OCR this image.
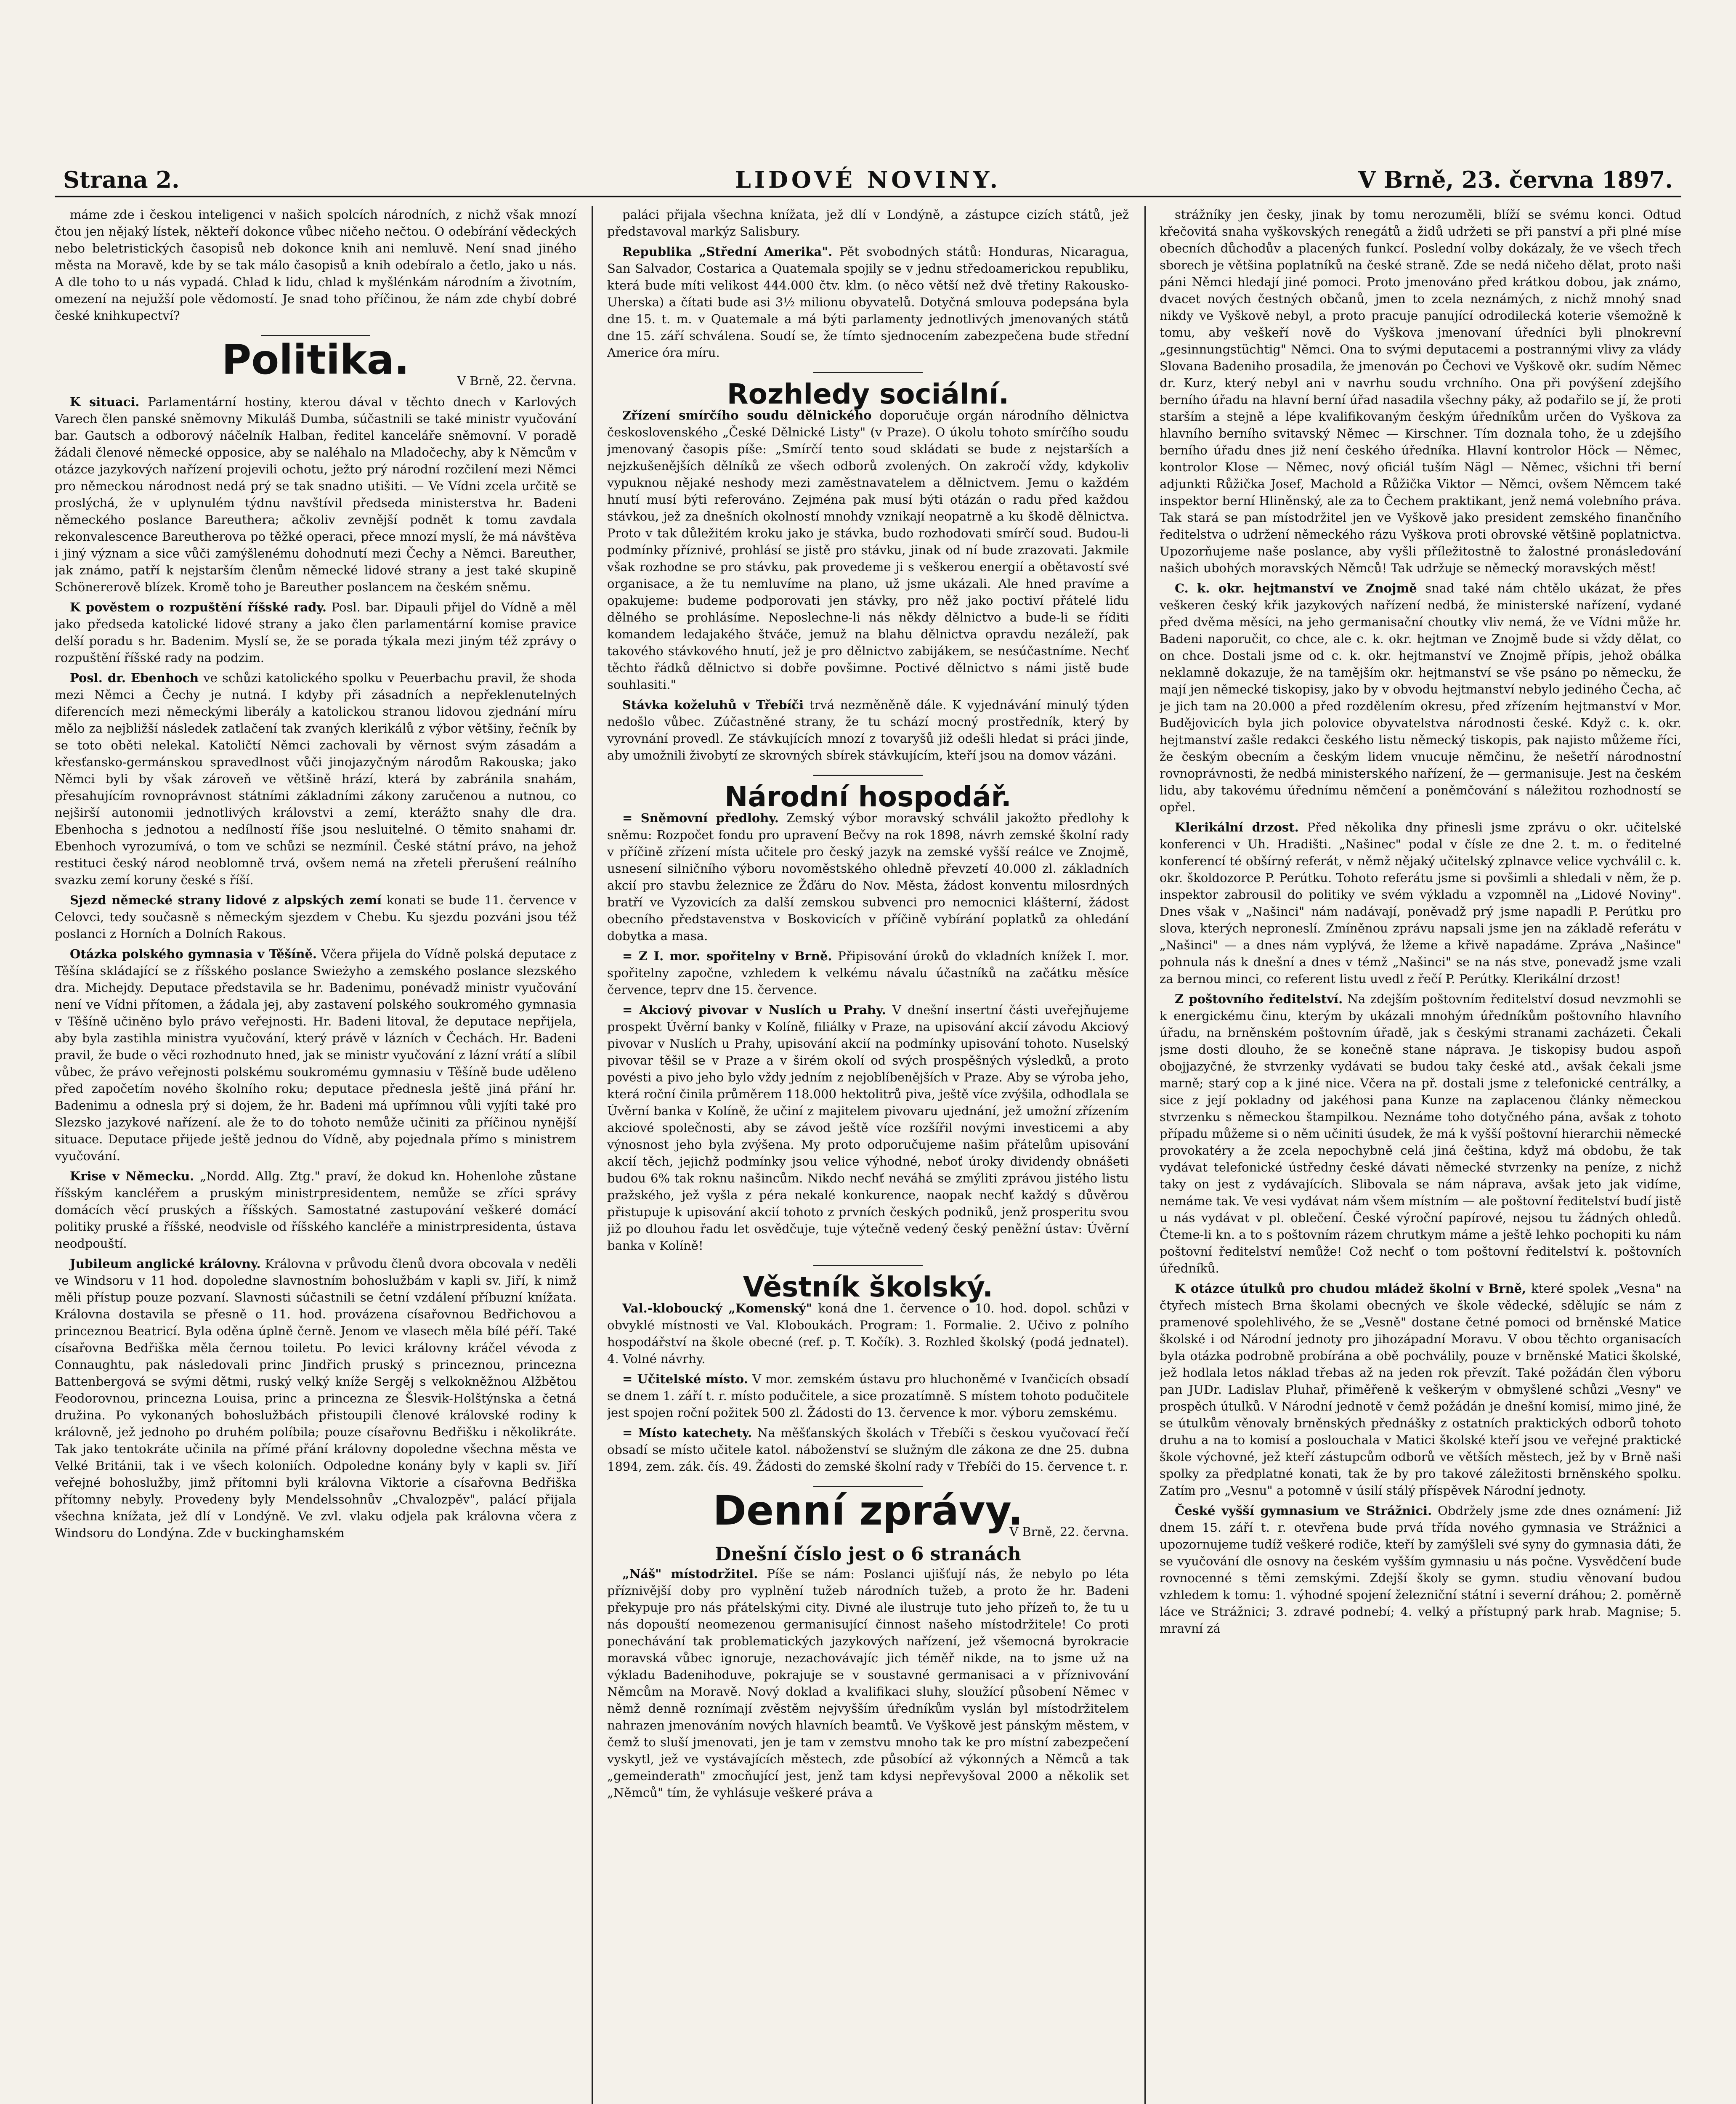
Strana 2.	LIDOVÉ NOVINY.	V Brně, 23. června 1897.

máme zde i českou inteligenci v našich spolcích národních, z nichž však mnozí čtou jen nějaký lístek, někteří dokonce vůbec ničeho nečtou. O odebírání vědeckých nebo beletristických časopisů neb dokonce knih ani nemluvě. Není snad jiného města na Moravě, kde by se tak málo časopisů a knih odebíralo a četlo, jako u nás. A dle toho to u nás vypadá. Chlad k lidu, chlad k myšlénkám národním a životním, omezení na nejužší pole vědomostí. Je snad toho příčinou, že nám zde chybí dobré české knihkupectví?

Politika.	V Brně, 22. června.

K situaci. Parlamentární hostiny, kterou dával v těchto dnech v Karlových Varech člen panské sněmovny Mikuláš Dumba, súčastnili se také ministr vyučování bar. Gautsch a odborový náčelník Halban, ředitel kanceláře sněmovní. V poradě žádali členové německé opposice, aby se naléhalo na Mladočechy, aby k Němcům v otázce jazykových nařízení projevili ochotu, ježto prý národní rozčilení mezi Němci pro německou národnost nedá prý se tak snadno utišiti. — Ve Vídni zcela určitě se proslýchá, že v uplynulém týdnu navštívil předseda ministerstva hr. Badeni německého poslance Bareuthera; ačkoliv zevnější podnět k tomu zavdala rekonvalescence Bareutherova po těžké operaci, přece mnozí myslí, že má návštěva i jiný význam a sice vůči zamýšlenému dohodnutí mezi Čechy a Němci. Bareuther, jak známo, patří k nejstarším členům německé lidové strany a jest také skupině Schönererově blízek. Kromě toho je Bareuther poslancem na českém sněmu.

K pověstem o rozpuštění říšské rady. Posl. bar. Dipauli přijel do Vídně a měl jako předseda katolické lidové strany a jako člen parlamentární komise pravice delší poradu s hr. Badenim. Myslí se, že se porada týkala mezi jiným též zprávy o rozpuštění říšské rady na podzim.

Posl. dr. Ebenhoch ve schůzi katolického spolku v Peuerbachu pravil, že shoda mezi Němci a Čechy je nutná. I kdyby při zásadních a nepřeklenutelných diferencích mezi německými liberály a katolickou stranou lidovou zjednání míru mělo za nejbližší následek zatlačení tak zvaných klerikálů z výbor většiny, řečník by se toto oběti nelekal. Katoličtí Němci zachovali by věrnost svým zásadám a křesťansko-germánskou spravedlnost vůči jinojazyčným národům Rakouska; jako Němci byli by však zároveň ve většině hrází, která by zabránila snahám, přesahujícím rovnoprávnost státními základními zákony zaručenou a nutnou, co nejširší autonomii jednotlivých královstvi a zemí, kterážto snahy dle dra. Ebenhocha s jednotou a nedílností říše jsou nesluitelné. O těmito snahami dr. Ebenhoch vyrozumívá, o tom ve schůzi se nezmínil. České státní právo, na jehož restituci český národ neoblomně trvá, ovšem nemá na zřeteli přerušení reálního svazku zemí koruny české s říší.

Sjezd německé strany lidové z alpských zemí konati se bude 11. července v Celovci, tedy současně s německým sjezdem v Chebu. Ku sjezdu pozváni jsou též poslanci z Horních a Dolních Rakous.

Otázka polského gymnasia v Těšíně. Včera přijela do Vídně polská deputace z Těšína skládající se z říšského poslance Swieżyho a zemského poslance slezského dra. Michejdy. Deputace představila se hr. Badenimu, ponévadž ministr vyučování není ve Vídni přítomen, a žádala jej, aby zastavení polského soukromého gymnasia v Těšíně učiněno bylo právo veřejnosti. Hr. Badeni litoval, že deputace nepřijela, aby byla zastihla ministra vyučování, který právě v lázních v Čechách. Hr. Badeni pravil, že bude o věci rozhodnuto hned, jak se ministr vyučování z lázní vrátí a slíbil vůbec, že právo veřejnosti polskému soukromému gymnasiu v Těšíně bude uděleno před započetím nového školního roku; deputace přednesla ještě jiná přání hr. Badenimu a odnesla prý si dojem, že hr. Badeni má upřímnou vůli vyjíti také pro Slezsko jazykové nařízení. ale že to do tohoto nemůže učiniti za příčinou nynější situace. Deputace přijede ještě jednou do Vídně, aby pojednala přímo s ministrem vyučování.

Krise v Německu. „Nordd. Allg. Ztg." praví, že dokud kn. Hohenlohe zůstane říšským kancléřem a pruským ministrpresidentem, nemůže se zříci správy domácích věcí pruských a říšských. Samostatné zastupování veškeré domácí politiky pruské a říšské, neodvisle od říšského kancléře a ministrpresidenta, ústava neodpouští.

Jubileum anglické královny. Královna v průvodu členů dvora obcovala v neděli ve Windsoru v 11 hod. dopoledne slavnostním bohoslužbám v kapli sv. Jiří, k nimž měli přístup pouze pozvaní. Slavnosti súčastnili se četní vzdálení příbuzní knížata. Královna dostavila se přesně o 11. hod. provázena císařovnou Bedřichovou a princeznou Beatricí. Byla oděna úplně černě. Jenom ve vlasech měla bílé péří. Také císařovna Bedřiška měla černou toiletu. Po levici královny kráčel vévoda z Connaughtu, pak následovali princ Jindřich pruský s princeznou, princezna Battenbergová se svými dětmi, ruský velký kníže Sergěj s velkokněžnou Alžbětou Feodorovnou, princezna Louisa, princ a princezna ze Šlesvik-Holštýnska a četná družina. Po vykonaných bohoslužbách přistoupili členové královské rodiny k královně, jež jednoho po druhém políbila; pouze císařovnu Bedřišku i několikráte. Tak jako tentokráte učinila na přímé přání královny dopoledne všechna města ve Velké Británii, tak i ve všech koloniích. Odpoledne konány byly v kapli sv. Jiří veřejné bohoslužby, jimž přítomni byli královna Viktorie a císařovna Bedřiška přítomny nebyly. Provedeny byly Mendelssohnův „Chvalozpěv", palácí přijala všechna knížata, jež dlí v Londýně. Ve zvl. vlaku odjela pak královna včera z Windsoru do Londýna. Zde v buckinghamském

paláci přijala všechna knížata, jež dlí v Londýně, a zástupce cizích států, jež představoval markýz Salisbury.

Republika „Střední Amerika". Pět svobodných států: Honduras, Nicaragua, San Salvador, Costarica a Quatemala spojily se v jednu středoamerickou republiku, která bude míti velikost 444.000 čtv. klm. (o něco větší než dvě třetiny Rakousko-Uherska) a čítati bude asi 3½ milionu obyvatelů. Dotyčná smlouva podepsána byla dne 15. t. m. v Quatemale a má býti parlamenty jednotlivých jmenovaných států dne 15. září schválena. Soudí se, že tímto sjednocením zabezpečena bude střední Americe óra míru.

Rozhledy sociální.

Zřízení smírčího soudu dělnického doporučuje orgán národního dělnictva československého „České Dělnické Listy" (v Praze). O úkolu tohoto smírčího soudu jmenovaný časopis píše: „Smírčí tento soud skládati se bude z nejstarších a nejzkušenějších dělníků ze všech odborů zvolených. On zakročí vždy, kdykoliv vypuknou nějaké neshody mezi zaměstnavatelem a dělnictvem. Jemu o každém hnutí musí býti referováno. Zejména pak musí býti otázán o radu před každou stávkou, jež za dnešních okolností mnohdy vznikají neopatrně a ku škodě dělnictva. Proto v tak důležitém kroku jako je stávka, budo rozhodovati smírčí soud. Budou-li podmínky příznivé, prohlásí se jistě pro stávku, jinak od ní bude zrazovati. Jakmile však rozhodne se pro stávku, pak provedeme ji s veškerou energií a obětavostí své organisace, a že tu nemluvíme na plano, už jsme ukázali. Ale hned pravíme a opakujeme: budeme podporovati jen stávky, pro něž jako poctiví přátelé lidu dělného se prohlásíme. Neposlechne-li nás někdy dělnictvo a bude-li se říditi komandem ledajakého štváče, jemuž na blahu dělnictva opravdu nezáleží, pak takového stávkového hnutí, jež je pro dělnictvo zabijákem, se nesúčastníme. Nechť těchto řádků dělnictvo si dobře povšimne. Poctivé dělnictvo s námi jistě bude souhlasiti."

Stávka koželuhů v Třebíči trvá nezměněně dále. K vyjednávání minulý týden nedošlo vůbec. Zúčastněné strany, že tu schází mocný prostředník, který by vyrovnání provedl. Ze stávkujících mnozí z tovaryšů již odešli hledat si práci jinde, aby umožnili živobytí ze skrovných sbírek stávkujícím, kteří jsou na domov vázáni.

Národní hospodář.

= Sněmovní předlohy. Zemský výbor moravský schválil jakožto předlohy k sněmu: Rozpočet fondu pro upravení Bečvy na rok 1898, návrh zemské školní rady v příčině zřízení místa učitele pro český jazyk na zemské vyšší reálce ve Znojmě, usnesení silničního výboru novoměstského ohledně převzetí 40.000 zl. základních akcií pro stavbu železnice ze Žďáru do Nov. Města, žádost konventu milosrdných bratří ve Vyzovicích za další zemskou subvenci pro nemocnici klášterní, žádost obecního představenstva v Boskovicích v příčině vybírání poplatků za ohledání dobytka a masa.

= Z I. mor. spořitelny v Brně. Připisování úroků do vkladních knížek I. mor. spořitelny započne, vzhledem k velkému návalu účastníků na začátku měsíce července, teprv dne 15. července.

= Akciový pivovar v Nuslích u Prahy. V dnešní insertní části uveřejňujeme prospekt Úvěrní banky v Kolíně, filiálky v Praze, na upisování akcií závodu Akciový pivovar v Nuslích u Prahy, upisování akcií na podmínky upisování tohoto. Nuselský pivovar těšil se v Praze a v širém okolí od svých prospěšných výsledků, a proto povésti a pivo jeho bylo vždy jedním z nejoblíbenějších v Praze. Aby se výroba jeho, která roční činila průměrem 118.000 hektolitrů piva, ještě více zvýšila, odhodlala se Úvěrní banka v Kolíně, že učiní z majitelem pivovaru ujednání, jež umožní zřízením akciové společnosti, aby se závod ještě více rozšířil novými investicemi a aby výnosnost jeho byla zvýšena. My proto odporučujeme našim přátelům upisování akcií těch, jejichž podmínky jsou velice výhodné, neboť úroky dividendy obnášeti budou 6% tak roknu našincům. Nikdo nechť neváhá se zmýliti zprávou jistého listu pražského, jež vyšla z péra nekalé konkurence, naopak nechť každý s důvěrou přistupuje k upisování akcií tohoto z prvních českých podniků, jenž prosperitu svou již po dlouhou řadu let osvědčuje, tuje výtečně vedený český peněžní ústav: Úvěrní banka v Kolíně!

Věstník školský.

Val.-kloboucký „Komenský" koná dne 1. července o 10. hod. dopol. schůzi v obvyklé místnosti ve Val. Kloboukách. Program: 1. Formalie. 2. Učivo z polního hospodářství na škole obecné (ref. p. T. Kočík). 3. Rozhled školský (podá jednatel). 4. Volné návrhy.

= Učitelské místo. V mor. zemském ústavu pro hluchoněmé v Ivančicích obsadí se dnem 1. září t. r. místo podučitele, a sice prozatímně. S místem tohoto podučitele jest spojen roční požitek 500 zl. Žádosti do 13. července k mor. výboru zemskému.

= Místo katechety. Na měšťanských školách v Třebíči s českou vyučovací řečí obsadí se místo učitele katol. náboženství se služným dle zákona ze dne 25. dubna 1894, zem. zák. čís. 49. Žádosti do zemské školní rady v Třebíči do 15. července t. r.

Denní zprávy.
V Brně, 22. června.
Dnešní číslo jest o 6 stranách

„Náš" místodržitel. Píše se nám: Poslanci ujišťují nás, že nebylo po léta příznivější doby pro vyplnění tužeb národních tužeb, a proto že hr. Badeni překypuje pro nás přátelskými city. Divné ale ilustruje tuto jeho přízeň to, že tu u nás dopouští neomezenou germanisující činnost našeho místodržitele! Co proti ponechávání tak problematických jazykových nařízení, jež všemocná byrokracie moravská vůbec ignoruje, nezachovávajíc jich téměř nikde, na to jsme už na výkladu Badenihoduve, pokrajuje se v soustavné germanisaci a v příznivování Němcům na Moravě. Nový doklad a kvalifikaci sluhy, sloužící působení Němec v němž denně roznímají zvěstěm nejvyšším úředníkům vyslán byl místodržitelem nahrazen jmenováním nových hlavních beamtů. Ve Vyškově jest pánským městem, v čemž to sluší jmenovati, jen je tam v zemstvu mnoho tak ke pro místní zabezpečení vyskytl, jež ve vystávajících městech, zde působící až výkonných a Němců a tak „gemeinderath" zmocňující jest, jenž tam kdysi nepřevyšoval 2000 a několik set „Němců" tím, že vyhlásuje veškeré práva a

strážníky jen česky, jinak by tomu nerozuměli, blíží se svému konci. Odtud křečovitá snaha vyškovských renegátů a židů udržeti se při panství a při plné míse obecních důchodův a placených funkcí. Poslední volby dokázaly, že ve všech třech sborech je většina poplatníků na české straně. Zde se nedá ničeho dělat, proto naši páni Němci hledají jiné pomoci. Proto jmenováno před krátkou dobou, jak známo, dvacet nových čestných občanů, jmen to zcela neznámých, z nichž mnohý snad nikdy ve Vyškově nebyl, a proto pracuje panující odrodilecká koterie všemožně k tomu, aby veškeří nově do Vyškova jmenovaní úředníci byli plnokrevní „gesinnungstüchtig" Němci. Ona to svými deputacemi a postrannými vlivy za vlády Slovana Badeniho prosadila, že jmenován po Čechovi ve Vyškově okr. sudím Němec dr. Kurz, který nebyl ani v navrhu soudu vrchního. Ona při povýšení zdejšího berního úřadu na hlavní berní úřad nasadila všechny páky, až podařilo se jí, že proti starším a stejně a lépe kvalifikovaným českým úředníkům určen do Vyškova za hlavního berního svitavský Němec — Kirschner. Tím doznala toho, že u zdejšího berního úřadu dnes již není českého úředníka. Hlavní kontrolor Höck — Němec, kontrolor Klose — Němec, nový oficiál tuším Nägl — Němec, všichni tři berní adjunkti Růžička Josef, Machold a Růžička Viktor — Němci, ovšem Němcem také inspektor berní Hliněnský, ale za to Čechem praktikant, jenž nemá volebního práva. Tak stará se pan místodržitel jen ve Vyškově jako president zemského finančního ředitelstva o udržení německého rázu Vyškova proti obrovské většině poplatnictva. Upozorňujeme naše poslance, aby vyšli příležitostně to žalostné pronásledování našich ubohých moravských Němců! Tak udržuje se německý moravských měst!

C. k. okr. hejtmanství ve Znojmě snad také nám chtělo ukázat, že přes veškeren český křik jazykových nařízení nedbá, že ministerské nařízení, vydané před dvěma měsíci, na jeho germanisační choutky vliv nemá, že ve Vídni může hr. Badeni naporučit, co chce, ale c. k. okr. hejtman ve Znojmě bude si vždy dělat, co on chce. Dostali jsme od c. k. okr. hejtmanství ve Znojmě přípis, jehož obálka neklamně dokazuje, že na tamějším okr. hejtmanství se vše psáno po německu, že mají jen německé tiskopisy, jako by v obvodu hejtmanství nebylo jediného Čecha, ač je jich tam na 20.000 a před rozdělením okresu, před zřízením hejtmanství v Mor. Budějovicích byla jich polovice obyvatelstva národnosti české. Když c. k. okr. hejtmanství zašle redakci českého listu německý tiskopis, pak najisto můžeme říci, že českým obecním a českým lidem vnucuje němčinu, že nešetří národnostní rovnoprávnosti, že nedbá ministerského nařízení, že — germanisuje. Jest na českém lidu, aby takovému úřednímu němčení a poněmčování s náležitou rozhodností se opřel.

Klerikální drzost. Před několika dny přinesli jsme zprávu o okr. učitelské konferenci v Uh. Hradišti. „Našinec" podal v čísle ze dne 2. t. m. o ředitelné konferencí té obšírný referát, v němž nějaký učitelský zplnavce velice vychválil c. k. okr. školdozorce P. Perútku. Tohoto referátu jsme si povšimli a shledali v něm, že p. inspektor zabrousil do politiky ve svém výkladu a vzpomněl na „Lidové Noviny". Dnes však v „Našinci" nám nadávají, poněvadž prý jsme napadli P. Perútku pro slova, kterých neproneslí. Zmíněnou zprávu napsali jsme jen na základě referátu v „Našinci" — a dnes nám vyplývá, že lžeme a křivě napadáme. Zpráva „Našince" pohnula nás k dnešní a dnes v témž „Našinci" se na nás stve, ponevadž jsme vzali za bernou minci, co referent listu uvedl z řečí P. Perútky. Klerikální drzost!

Z poštovního ředitelství. Na zdejším poštovním ředitelství dosud nevzmohli se k energickému činu, kterým by ukázali mnohým úředníkům poštovního hlavního úřadu, na brněnském poštovním úřadě, jak s českými stranami zacházeti. Čekali jsme dosti dlouho, že se konečně stane náprava. Je tiskopisy budou aspoň obojjazyčné, že stvrzenky vydávati se budou taky české atd., avšak čekali jsme marně; starý cop a k jiné nice. Včera na př. dostali jsme z telefonické centrálky, a sice z její pokladny od jakéhosi pana Kunze na zaplacenou články německou stvrzenku s německou štampilkou. Neznáme toho dotyčného pána, avšak z tohoto případu můžeme si o něm učiniti úsudek, že má k vyšší poštovní hierarchii německé provokatéry a že zcela nepochybně celá jiná čeština, když má obdobu, že tak vydávat telefonické ústředny české dávati německé stvrzenky na peníze, z nichž taky on jest z vydávajících. Slibovala se nám náprava, avšak jeto jak vidíme, nemáme tak. Ve vesi vydávat nám všem místním — ale poštovní ředitelství budí jistě u nás vydávat v pl. oblečení. České výroční papírové, nejsou tu žádných ohledů. Čteme-li kn. a to s poštovním rázem chrutkym máme a ještě lehko pochopiti ku nám poštovní ředitelství nemůže! Což nechť o tom poštovní ředitelství k. poštovních úředníků.

K otázce útulků pro chudou mládež školní v Brně, které spolek „Vesna" na čtyřech místech Brna školami obecných ve škole vědecké, sdělujíc se nám z pramenové spolehlivého, že se „Vesně" dostane četné pomoci od brněnské Matice školské i od Národní jednoty pro jihozápadní Moravu. V obou těchto organisacích byla otázka podrobně probírána a obě pochválily, pouze v brněnské Matici školské, jež hodlala letos náklad třebas až na jeden rok převzít. Také požádán člen výboru pan JUDr. Ladislav Pluhař, přiměřeně k veškerým v obmyšlené schůzi „Vesny" ve prospěch útulků. V Národní jednotě v čemž požádán je dnešní komisí, mimo jiné, že se útulkům věnovaly brněnských přednášky z ostatních praktických odborů tohoto druhu a na to komisí a poslouchala v Matici školské kteří jsou ve veřejné praktické škole výchovné, jež kteří zástupcům odborů ve větších městech, jež by v Brně naši spolky za předplatné konati, tak že by pro takové záležitosti brněnského spolku. Zatím pro „Vesnu" a potomně v úsilí stálý příspěvek Národní jednoty.

České vyšší gymnasium ve Strážnici. Obdržely jsme zde dnes oznámení: Již dnem 15. září t. r. otevřena bude prvá třída nového gymnasia ve Strážnici a upozornujeme tudíž veškeré rodiče, kteří by zamýšleli své syny do gymnasia dáti, že se vyučování dle osnovy na českém vyšším gymnasiu u nás počne. Vysvědčení bude rovnocenné s těmi zemskými. Zdejší školy se gymn. studiu věnovaní budou vzhledem k tomu: 1. výhodné spojení železniční státní i severní dráhou; 2. poměrně láce ve Strážnici; 3. zdravé podnebí; 4. velký a přístupný park hrab. Magnise; 5. mravní zá
